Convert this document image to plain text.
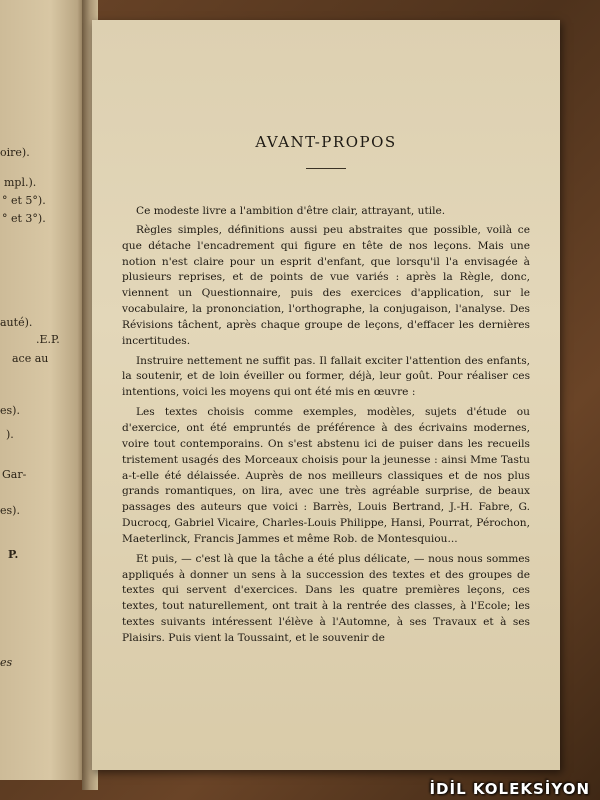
oire).
mpl.).
° et 5°).
° et 3°).
auté).
.E.P.
ace au
es).
).
Gar-
es).
P.
es
AVANT-PROPOS

Ce modeste livre a l'ambition d'être clair, attrayant, utile.

Règles simples, définitions aussi peu abstraites que possible, voilà ce que détache l'encadrement qui figure en tête de nos leçons. Mais une notion n'est claire pour un esprit d'enfant, que lorsqu'il l'a envisagée à plusieurs reprises, et de points de vue variés : après la Règle, donc, viennent un Questionnaire, puis des exercices d'application, sur le vocabulaire, la prononciation, l'orthographe, la conjugaison, l'analyse. Des Révisions tâchent, après chaque groupe de leçons, d'effacer les dernières incertitudes.

Instruire nettement ne suffit pas. Il fallait exciter l'attention des enfants, la soutenir, et de loin éveiller ou former, déjà, leur goût. Pour réaliser ces intentions, voici les moyens qui ont été mis en œuvre :

Les textes choisis comme exemples, modèles, sujets d'étude ou d'exercice, ont été empruntés de préférence à des écrivains modernes, voire tout contemporains. On s'est abstenu ici de puiser dans les recueils tristement usagés des Morceaux choisis pour la jeunesse : ainsi Mme Tastu a-t-elle été délaissée. Auprès de nos meilleurs classiques et de nos plus grands romantiques, on lira, avec une très agréable surprise, de beaux passages des auteurs que voici : Barrès, Louis Bertrand, J.-H. Fabre, G. Ducrocq, Gabriel Vicaire, Charles-Louis Philippe, Hansi, Pourrat, Pérochon, Maeterlinck, Francis Jammes et même Rob. de Montesquiou...

Et puis, — c'est là que la tâche a été plus délicate, — nous nous sommes appliqués à donner un sens à la succession des textes et des groupes de textes qui servent d'exercices. Dans les quatre premières leçons, ces textes, tout naturellement, ont trait à la rentrée des classes, à l'Ecole; les textes suivants intéressent l'élève à l'Automne, à ses Travaux et à ses Plaisirs. Puis vient la Toussaint, et le souvenir de

İDİL KOLEKSİYON
